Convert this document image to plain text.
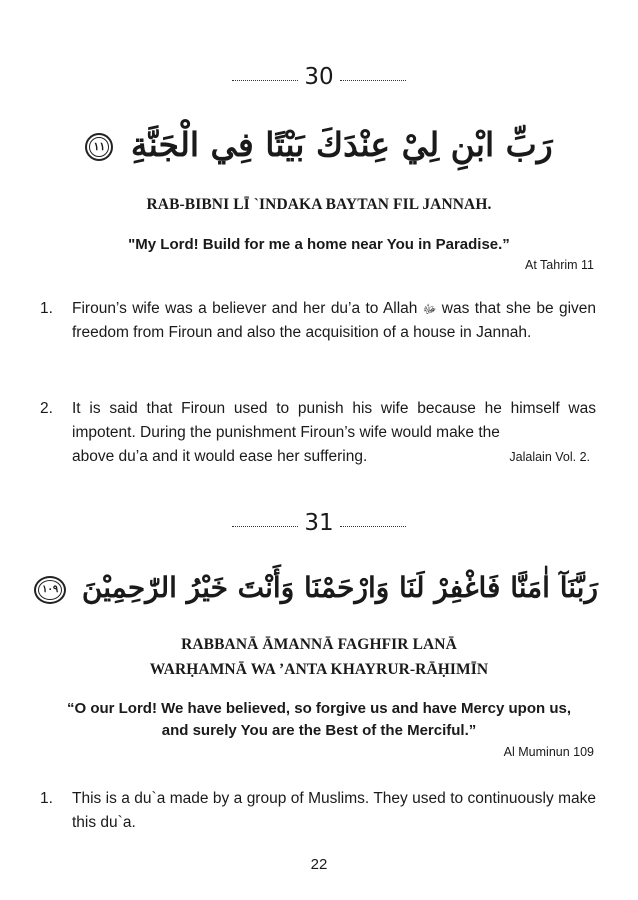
30
رَبِّ ابْنِ لِيْ عِنْدَكَ بَيْتًا فِي الْجَنَّةِ ١١
RAB-BIBNI LĪ `INDAKA BAYTAN FIL JANNAH.
"My Lord! Build for me a home near You in Paradise.”
At Tahrim 11
1. Firoun’s wife was a believer and her du’a to Allah ﷻ was that she be given freedom from Firoun and also the acquisition of a house in Jannah.
2. It is said that Firoun used to punish his wife because he himself was impotent. During the punishment Firoun’s wife would make the
above du’a and it would ease her suffering.	Jalalain Vol. 2.
31
رَبَّنَآ اٰمَنَّا فَاغْفِرْ لَنَا وَارْحَمْنَا وَأَنْتَ خَيْرُ الرّٰحِمِيْنَ ١٠٩
RABBANĀ ĀMANNĀ FAGHFIR LANĀ
WARḤAMNĀ WA ’ANTA KHAYRUR-RĀḤIMĪN
“O our Lord! We have believed, so forgive us and have Mercy upon us,
and surely You are the Best of the Merciful.”
Al Muminun 109
1. This is a du`a made by a group of Muslims. They used to continuously make this du`a.
22
